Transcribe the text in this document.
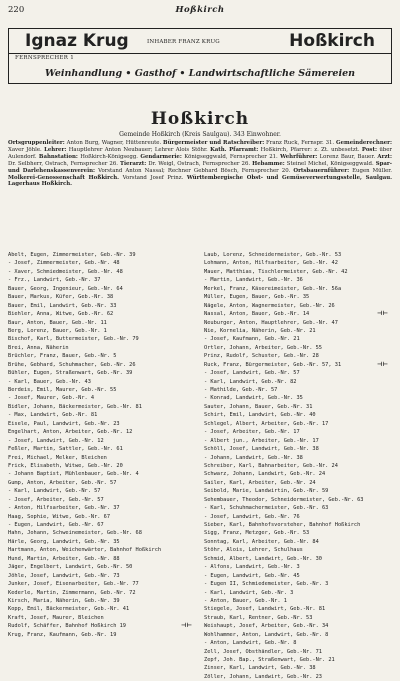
220	Hoßkirch
Ignaz Krug	INHABER FRANZ KRUG	Hoßkirch
FERNSPRECHER 1
Weinhandlung • Gasthof • Landwirtschaftliche Sämereien
Hoßkirch
Gemeinde Hoßkirch (Kreis Saulgau). 343 Einwohner.
Ortsgruppenleiter: Anton Burg, Wagner, Hüttenreute. Bürgermeister und Ratschreiber: Franz Ruck, Fernspr. 31. Gemeinderechner: Xaver Jöhle. Lehrer: Hauptlehrer Anton Neubauer; Lehrer Alois Stöhr. Kath. Pfarramt: Hoßkirch, Pfarrer: z. Zt. unbesetzt. Post: über Aulendorf. Bahnstation: Hoßkirch-Königsegg. Gendarmerie: Königseggwald, Fernsprecher 21. Wehrführer: Lorenz Baur, Bauer. Arzt: Dr. Selbherr, Ostrach, Fernsprecher 26. Tierarzt: Dr. Weigl, Ostrach, Fernsprecher 26. Hebamme: Steinel Michel, Königseggwald. Spar- und Darlehenskassenverein: Vorstand Anton Nassal; Rechner Gebhard Bösch, Fernsprecher 20. Ortsbauernführer: Eugen Müller. Molkerei-Genossenschaft Hoßkirch. Vorstand Josef Prinz. Württembergische Obst- und Gemüseverwertungsstelle, Saulgau. Lagerhaus Hoßkirch.
Abelt, Eugen, Zimmermeister, Geb.-Nr. 39
- Josef, Zimmermeister, Geb.-Nr. 48
- Xaver, Schmiedmeister, Geb.-Nr. 48
- Frz., Landwirt, Geb.-Nr. 37
Bauer, Georg, Ingenieur, Geb.-Nr. 64
Bauer, Markus, Küfer, Geb.-Nr. 38
Bauer, Emil, Landwirt, Geb.-Nr. 33
Biehler, Anna, Witwe, Geb.-Nr. 62
Baur, Anton, Bauer, Geb.-Nr. 11
Berg, Lorenz, Bauer, Geb.-Nr. 1
Bischof, Karl, Buttermeister, Geb.-Nr. 79
Brei, Anna, Näherin
Brüchler, Franz, Bauer, Geb.-Nr. 5
Brühe, Gebhard, Schuhmacher, Geb.-Nr. 26
Bühler, Eugen, Straßenwart, Geb.-Nr. 39
- Karl, Bauer, Geb.-Nr. 43
Berdeis, Emil, Maurer, Geb.-Nr. 55
- Josef, Maurer, Geb.-Nr. 4
Bidler, Johann, Bäckermeister, Geb.-Nr. 81
- Max, Landwirt, Geb.-Nr. 81
Eisele, Paul, Landwirt, Geb.-Nr. 23
Engelhart, Anton, Arbeiter, Geb.-Nr. 12
- Josef, Landwirt, Geb.-Nr. 12
Feßler, Martin, Sattler, Geb.-Nr. 61
Frei, Michael, Melker, Bleichen
Frick, Elisabeth, Witwe, Geb.-Nr. 20
- Johann Baptist, Mühlenbauer, Geb.-Nr. 4
Gump, Anton, Arbeiter, Geb.-Nr. 57
- Karl, Landwirt, Geb.-Nr. 57
- Josef, Arbeiter, Geb.-Nr. 57
- Anton, Hilfsarbeiter, Geb.-Nr. 37
Haag, Sophie, Witwe, Geb.-Nr. 67
- Eugen, Landwirt, Geb.-Nr. 67
Hahn, Johann, Schweinemeister, Geb.-Nr. 68
Härle, Georg, Landwirt, Geb.-Nr. 35
Hartmann, Anton, Weichenwärter, Bahnhof Hoßkirch
Hund, Martin, Arbeiter, Geb.-Nr. 88
Jäger, Engelbert, Landwirt, Geb.-Nr. 50
Jöhle, Josef, Landwirt, Geb.-Nr. 73
Junker, Josef, Eisenarbeiter, Geb.-Nr. 77
Kederle, Martin, Zimmermann, Geb.-Nr. 72
Kirsch, Maria, Näherin, Geb.-Nr. 39
Kopp, Emil, Bäckermeister, Geb.-Nr. 41
Kraft, Josef, Maurer, Bleichen
Rudolf, Schäffer, Bahnhof Hoßkirch 19	⊣⊢
Krug, Franz, Kaufmann, Geb.-Nr. 19
Laub, Lorenz, Schneidermeister, Geb.-Nr. 53
Lohmann, Anton, Hilfsarbeiter, Geb.-Nr. 42
Mauer, Matthias, Tischlermeister, Geb.-Nr. 42
- Martin, Landwirt, Geb.-Nr. 36
Merkel, Franz, Käsereimeister, Geb.-Nr. 56a
Müller, Eugen, Bauer, Geb.-Nr. 35
Nägele, Anton, Wagnermeister, Geb.-Nr. 26
Nassal, Anton, Bauer, Geb.-Nr. 14	⊣⊢
Neuburger, Anton, Hauptlehrer, Geb.-Nr. 47
Nie, Kornelia, Näherin, Geb.-Nr. 21
- Josef, Kaufmann, Geb.-Nr. 21
Ortler, Johann, Arbeiter, Geb.-Nr. 55
Prinz, Rudolf, Schuster, Geb.-Nr. 28
Ruck, Franz, Bürgermeister, Geb.-Nr. 57, 31	⊣⊢
- Josef, Landwirt, Geb.-Nr. 57
- Karl, Landwirt, Geb.-Nr. 82
- Mathilde, Geb.-Nr. 57
- Konrad, Landwirt, Geb.-Nr. 35
Sauter, Johann, Bauer, Geb.-Nr. 31
Schirt, Emil, Landwirt, Geb.-Nr. 40
Schlegel, Albert, Arbeiter, Geb.-Nr. 17
- Josef, Arbeiter, Geb.-Nr. 17
- Albert jun., Arbeiter, Geb.-Nr. 17
Schöll, Josef, Landwirt, Geb.-Nr. 38
- Johann, Landwirt, Geb.-Nr. 38
Schreiber, Karl, Bahnarbeiter, Geb.-Nr. 24
Schwarz, Johann, Landwirt, Geb.-Nr. 24
Sailer, Karl, Arbeiter, Geb.-Nr. 24
Seibold, Marie, Landwirtin, Geb.-Nr. 59
Sehembauer, Theodor, Schneidermeister, Geb.-Nr. 63
- Karl, Schuhmachermeister, Geb.-Nr. 63
- Josef, Landwirt, Geb.-Nr. 76
Sieber, Karl, Bahnhofsvorsteher, Bahnhof Hoßkirch
Sigg, Franz, Metzger, Geb.-Nr. 53
Sonntag, Karl, Arbeiter, Geb.-Nr. 84
Stöhr, Alois, Lehrer, Schulhaus
Schmid, Albert, Landwirt, Geb.-Nr. 30
- Alfons, Landwirt, Geb.-Nr. 3
- Eugen, Landwirt, Geb.-Nr. 45
- Eugen II, Schmiedemeister, Geb.-Nr. 3
- Karl, Landwirt, Geb.-Nr. 3
- Anton, Bauer, Geb.-Nr. 1
Stiegele, Josef, Landwirt, Geb.-Nr. 81
Straub, Karl, Rentner, Geb.-Nr. 53
Weishaupt, Josef, Arbeiter, Geb.-Nr. 34
Wohlhammer, Anton, Landwirt, Geb.-Nr. 8
- Anton, Landwirt, Geb.-Nr. 8
Zell, Josef, Obsthändler, Geb.-Nr. 71
Zepf, Joh. Bap., Straßenwart, Geb.-Nr. 21
Zinser, Karl, Landwirt, Geb.-Nr. 38
Zöller, Johann, Landwirt, Geb.-Nr. 23
